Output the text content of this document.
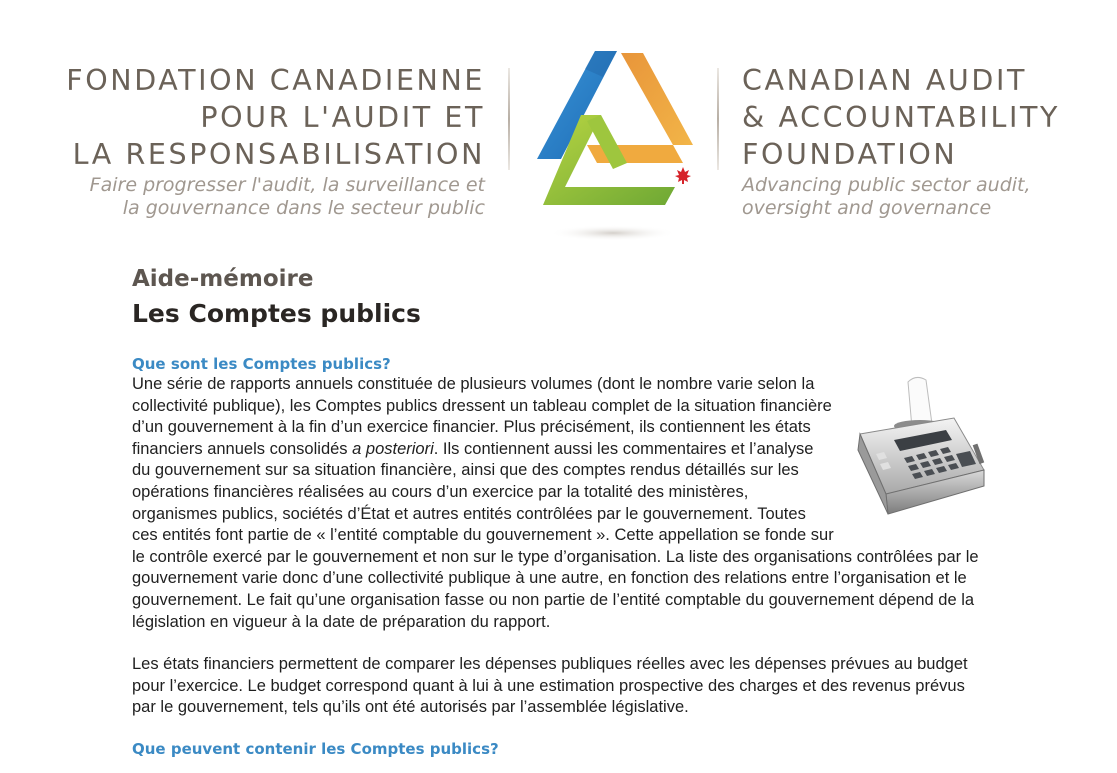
FONDATION CANADIENNE
POUR L'AUDIT ET
LA RESPONSABILISATION
Faire progresser l'audit, la surveillance et
la gouvernance dans le secteur public
CANADIAN AUDIT
& ACCOUNTABILITY
FOUNDATION
Advancing public sector audit,
oversight and governance
Aide-mémoire
Les Comptes publics
Que sont les Comptes publics?

Une série de rapports annuels constituée de plusieurs volumes (dont le nombre varie selon la collectivité publique), les Comptes publics dressent un tableau complet de la situation financière d’un gouvernement à la fin d’un exercice financier. Plus précisément, ils contiennent les états financiers annuels consolidés a posteriori. Ils contiennent aussi les commentaires et l’analyse du gouvernement sur sa situation financière, ainsi que des comptes rendus détaillés sur les opérations financières réalisées au cours d’un exercice par la totalité des ministères, organismes publics, sociétés d’État et autres entités contrôlées par le gouvernement. Toutes ces entités font partie de « l’entité comptable du gouvernement ». Cette appellation se fonde sur le contrôle exercé par le gouvernement et non sur le type d’organisation. La liste des organisations contrôlées par le gouvernement varie donc d’une collectivité publique à une autre, en fonction des relations entre l’organisation et le gouvernement. Le fait qu’une organisation fasse ou non partie de l’entité comptable du gouvernement dépend de la législation en vigueur à la date de préparation du rapport.

Les états financiers permettent de comparer les dépenses publiques réelles avec les dépenses prévues au budget pour l’exercice. Le budget correspond quant à lui à une estimation prospective des charges et des revenus prévus par le gouvernement, tels qu’ils ont été autorisés par l’assemblée législative.

Que peuvent contenir les Comptes publics?
